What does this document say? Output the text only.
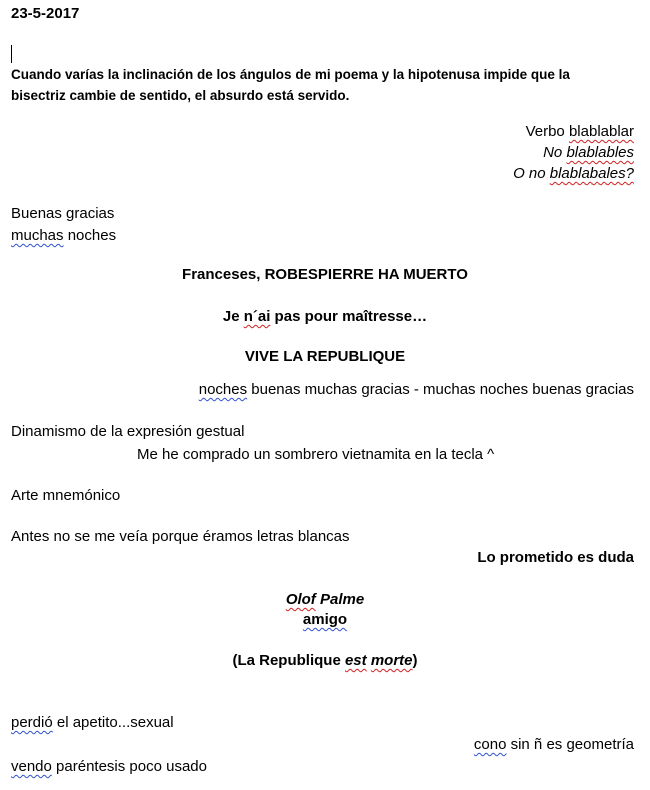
23-5-2017
Cuando varías la inclinación de los ángulos de mi poema y la hipotenusa impide que la bisectriz cambie de sentido, el absurdo está servido.
Verbo blablablar
No blablables
O no blablabales?
Buenas gracias
muchas noches
Franceses, ROBESPIERRE HA MUERTO
Je n´ai pas pour maîtresse…
VIVE LA REPUBLIQUE
noches buenas muchas gracias - muchas noches buenas gracias
Dinamismo de la expresión gestual
Me he comprado un sombrero vietnamita en la tecla ^
Arte mnemónico
Antes no se me veía porque éramos letras blancas
Lo prometido es duda
Olof Palme
amigo
(La Republique est morte)
perdió el apetito...sexual
cono sin ñ es geometría
vendo paréntesis poco usado
